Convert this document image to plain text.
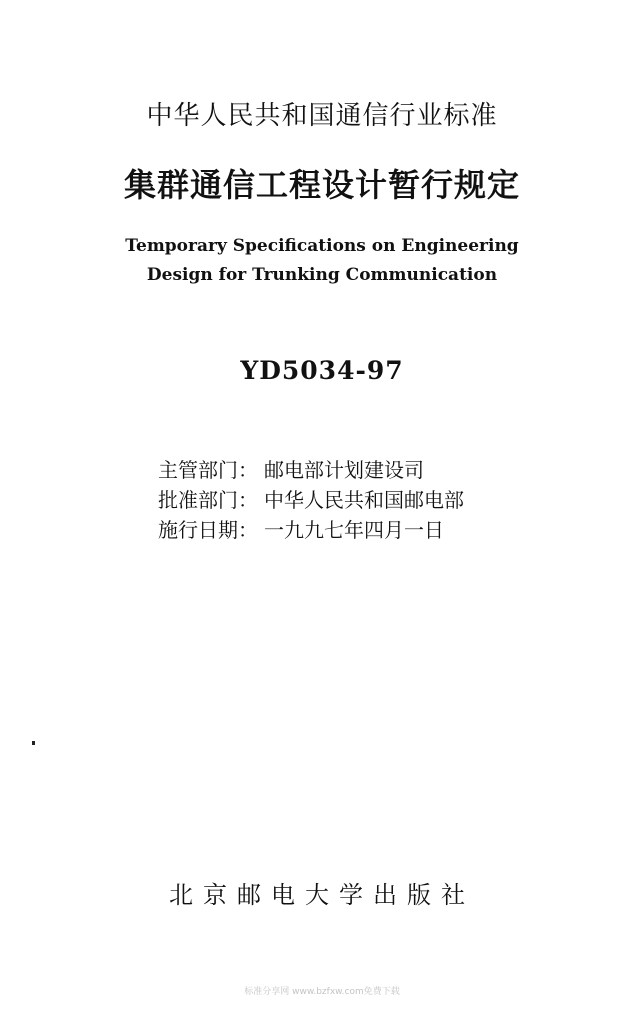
中华人民共和国通信行业标准
集群通信工程设计暂行规定
Temporary Specifications on Engineering
Design for Trunking Communication
YD5034-97
主管部门： 邮电部计划建设司
批准部门： 中华人民共和国邮电部
施行日期： 一九九七年四月一日
北京邮电大学出版社
标准分享网 www.bzfxw.com免费下载
